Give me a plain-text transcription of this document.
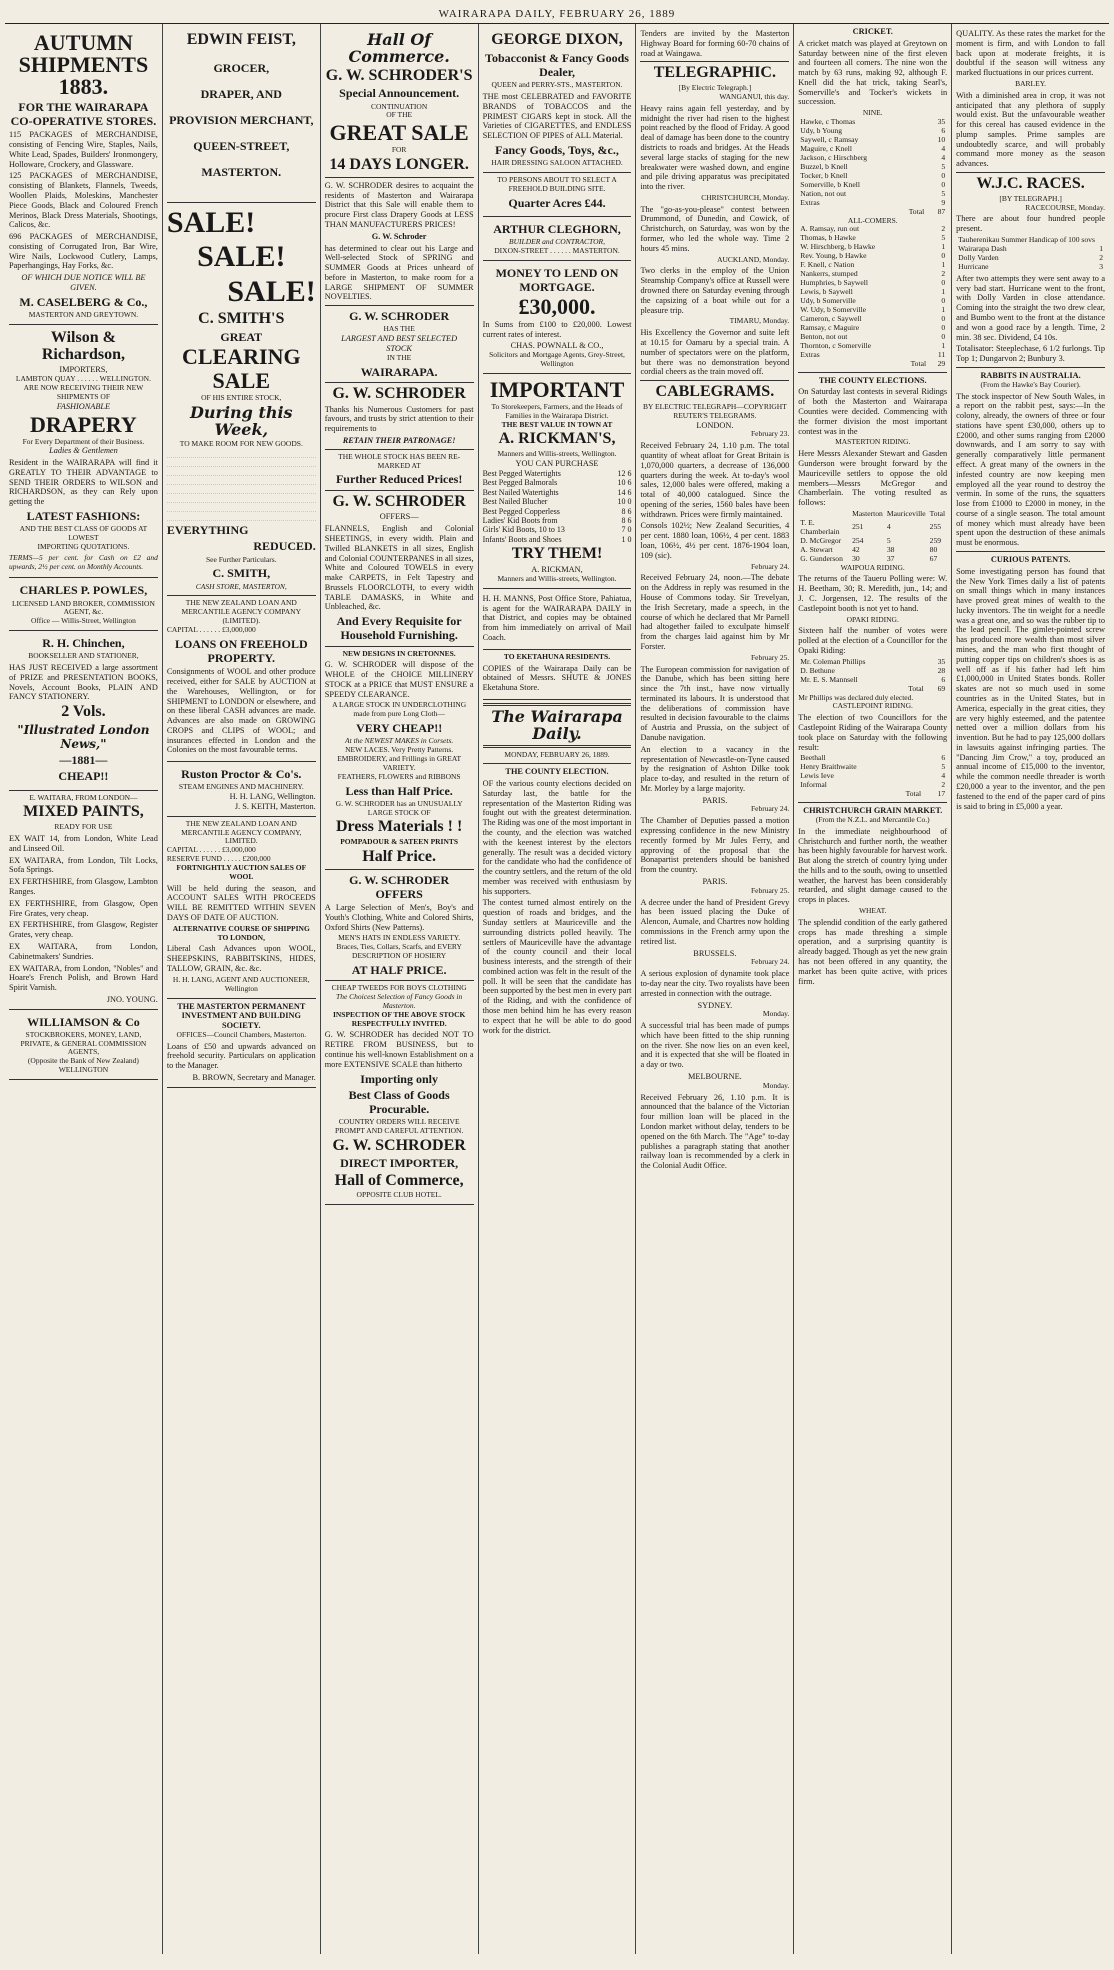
WAIRARAPA DAILY, FEBRUARY 26, 1889
AUTUMN SHIPMENTS 1883.
FOR THE WAIRARAPA CO-OPERATIVE STORES.

115 PACKAGES of MERCHANDISE, consisting of Fencing Wire, Staples, Nails, White Lead, Spades, Builders' Ironmongery, Holloware, Crockery, and Glassware.

125 PACKAGES of MERCHANDISE, consisting of Blankets, Flannels, Tweeds, Woollen Plaids, Moleskins, Manchester Piece Goods, Black and Coloured French Merinos, Black Dress Materials, Shootings, Calicos, &c.

696 PACKAGES of MERCHANDISE, consisting of Corrugated Iron, Bar Wire, Wire Nails, Lockwood Cutlery, Lamps, Paperhangings, Hay Forks, &c.

OF WHICH DUE NOTICE WILL BE GIVEN.
M. CASELBERG & Co.,
MASTERTON AND GREYTOWN.
Wilson & Richardson,
IMPORTERS,
LAMBTON QUAY . . . . . . WELLINGTON.
ARE NOW RECEIVING THEIR NEW SHIPMENTS OF
FASHIONABLE
DRAPERY
For Every Department of their Business.
Ladies & Gentlemen

Resident in the WAIRARAPA will find it GREATLY TO THEIR ADVANTAGE to SEND THEIR ORDERS to WILSON and RICHARDSON, as they can Rely upon getting the

LATEST FASHIONS:
AND THE BEST CLASS OF GOODS AT LOWEST
IMPORTING QUOTATIONS.

TERMS—5 per cent. for Cash on £2 and upwards, 2½ per cent. on Monthly Accounts.

CHARLES P. POWLES,
LICENSED LAND BROKER, COMMISSION AGENT, &c.
Office — Willis-Street, Wellington
R. H. Chinchen,
BOOKSELLER AND STATIONER,

HAS JUST RECEIVED a large assortment of PRIZE and PRESENTATION BOOKS, Novels, Account Books, PLAIN AND FANCY STATIONERY.

2 Vols.
"Illustrated London News,"
—1881—
CHEAP!!
E. WAITARA, FROM LONDON—
MIXED PAINTS,
READY FOR USE

EX WAIT 14, from London, White Lead and Linseed Oil.

EX WAITARA, from London, Tilt Locks, Sofa Springs.

EX FERTHSHIRE, from Glasgow, Lambton Ranges.

EX FERTHSHIRE, from Glasgow, Open Fire Grates, very cheap.

EX FERTHSHIRE, from Glasgow, Register Grates, very cheap.

EX WAITARA, from London, Cabinetmakers' Sundries.

EX WAITARA, from London, "Nobles" and Hoare's French Polish, and Brown Hard Spirit Varnish.

JNO. YOUNG.
WILLIAMSON & Co
STOCKBROKERS, MONEY, LAND, PRIVATE, & GENERAL COMMISSION AGENTS,
(Opposite the Bank of New Zealand) WELLINGTON
EDWIN FEIST,
GROCER,
DRAPER, AND
PROVISION MERCHANT,
QUEEN-STREET,
MASTERTON.
SALE!
SALE!
SALE!
C. SMITH'S
GREAT
CLEARING
SALE
OF HIS ENTIRE STOCK,
During this Week,
TO MAKE ROOM FOR NEW GOODS.
EVERYTHING
REDUCED.
See Further Particulars.
C. SMITH,
CASH STORE, MASTERTON,
THE NEW ZEALAND LOAN AND MERCANTILE AGENCY COMPANY (LIMITED).
CAPITAL . . . . . . £3,000,000
LOANS ON FREEHOLD PROPERTY.

Consignments of WOOL and other produce received, either for SALE by AUCTION at the Warehouses, Wellington, or for SHIPMENT to LONDON or elsewhere, and on these liberal CASH advances are made. Advances are also made on GROWING CROPS and CLIPS of WOOL; and insurances effected in London and the Colonies on the most favourable terms.

Ruston Proctor & Co's.
STEAM ENGINES AND MACHINERY.
H. H. LANG, Wellington.
J. S. KEITH, Masterton.
THE NEW ZEALAND LOAN AND MERCANTILE AGENCY COMPANY, LIMITED.
CAPITAL . . . . . . £3,000,000
RESERVE FUND . . . . . £200,000
FORTNIGHTLY AUCTION SALES OF WOOL

Will be held during the season, and ACCOUNT SALES WITH PROCEEDS WILL BE REMITTED WITHIN SEVEN DAYS OF DATE OF AUCTION.

ALTERNATIVE COURSE OF SHIPPING TO LONDON,

Liberal Cash Advances upon WOOL, SHEEPSKINS, RABBITSKINS, HIDES, TALLOW, GRAIN, &c. &c.

H. H. LANG, AGENT AND AUCTIONEER, Wellington
THE MASTERTON PERMANENT INVESTMENT AND BUILDING SOCIETY.
OFFICES—Council Chambers, Masterton.

Loans of £50 and upwards advanced on freehold security. Particulars on application to the Manager.

B. BROWN, Secretary and Manager.
Hall Of Commerce.
G. W. SCHRODER'S
Special Announcement.
CONTINUATION
OF THE
GREAT SALE
FOR
14 DAYS LONGER.

G. W. SCHRODER desires to acquaint the residents of Masterton and Wairarapa District that this Sale will enable them to procure First class Drapery Goods at LESS THAN MANUFACTURERS PRICES!

G. W. Schroder

has determined to clear out his Large and Well-selected Stock of SPRING and SUMMER Goods at Prices unheard of before in Masterton, to make room for a LARGE SHIPMENT OF SUMMER NOVELTIES.

G. W. SCHRODER
HAS THE
LARGEST AND BEST SELECTED
STOCK
IN THE
WAIRARAPA.
G. W. SCHRODER

Thanks his Numerous Customers for past favours, and trusts by strict attention to their requirements to

RETAIN THEIR PATRONAGE!
THE WHOLE STOCK HAS BEEN RE-MARKED AT
Further Reduced Prices!
G. W. SCHRODER
OFFERS—

FLANNELS, English and Colonial SHEETINGS, in every width. Plain and Twilled BLANKETS in all sizes, English and Colonial COUNTERPANES in all sizes, White and Coloured TOWELS in every make CARPETS, in Felt Tapestry and Brussels FLOORCLOTH, to every width TABLE DAMASKS, in White and Unbleached, &c.

And Every Requisite for Household Furnishing.
NEW DESIGNS IN CRETONNES.

G. W. SCHRODER will dispose of the WHOLE of the CHOICE MILLINERY STOCK at a PRICE that MUST ENSURE a SPEEDY CLEARANCE.

A LARGE STOCK IN UNDERCLOTHING made from pure Long Cloth—
VERY CHEAP!!
At the NEWEST MAKES in Corsets.
NEW LACES. Very Pretty Patterns.
EMBROIDERY, and Frillings in GREAT VARIETY.
FEATHERS, FLOWERS and RIBBONS
Less than Half Price.
G. W. SCHRODER has an UNUSUALLY LARGE STOCK OF
Dress Materials ! !
POMPADOUR & SATEEN PRINTS
Half Price.
G. W. SCHRODER OFFERS

A Large Selection of Men's, Boy's and Youth's Clothing, White and Colored Shirts, Oxford Shirts (New Patterns).

MEN'S HATS IN ENDLESS VARIETY.
Braces, Ties, Collars, Scarfs, and EVERY DESCRIPTION OF HOSIERY
AT HALF PRICE.
CHEAP TWEEDS FOR BOYS CLOTHING
The Choicest Selection of Fancy Goods in Masterton.
INSPECTION OF THE ABOVE STOCK RESPECTFULLY INVITED.

G. W. SCHRODER has decided NOT TO RETIRE FROM BUSINESS, but to continue his well-known Establishment on a more EXTENSIVE SCALE than hitherto

Importing only
Best Class of Goods Procurable.
COUNTRY ORDERS WILL RECEIVE PROMPT AND CAREFUL ATTENTION.
G. W. SCHRODER
DIRECT IMPORTER,
Hall of Commerce,
OPPOSITE CLUB HOTEL.
GEORGE DIXON,
Tobacconist & Fancy Goods Dealer,
QUEEN and PERRY-STS., MASTERTON.

THE most CELEBRATED and FAVORITE BRANDS of TOBACCOS and the PRIMEST CIGARS kept in stock. All the Varieties of CIGARETTES, and ENDLESS SELECTION OF PIPES of ALL Material.

Fancy Goods, Toys, &c.,
HAIR DRESSING SALOON ATTACHED.
TO PERSONS ABOUT TO SELECT A FREEHOLD BUILDING SITE.
Quarter Acres £44.
ARTHUR CLEGHORN,
BUILDER and CONTRACTOR,
DIXON-STREET . . . . . . MASTERTON.
MONEY TO LEND ON MORTGAGE.
£30,000.

In Sums from £100 to £20,000. Lowest current rates of interest.

CHAS. POWNALL & CO.,
Solicitors and Mortgage Agents, Grey-Street, Wellington
IMPORTANT
To Storekeepers, Farmers, and the Heads of Families in the Wairarapa District.
THE BEST VALUE IN TOWN AT
A. RICKMAN'S,
Manners and Willis-streets, Wellington.
YOU CAN PURCHASE
Best Pegged Watertights	12 6
Best Pegged Balmorals	10 6
Best Nailed Watertights	14 6
Best Nailed Blucher	10 0
Best Pegged Copperless	8 6
Ladies' Kid Boots from	8 6
Girls' Kid Boots, 10 to 13	7 0
Infants' Boots and Shoes	1 0
TRY THEM!
A. RICKMAN,
Manners and Willis-streets, Wellington.

H. H. MANNS, Post Office Store, Pahiatua, is agent for the WAIRARAPA DAILY in that District, and copies may be obtained from him immediately on arrival of Mail Coach.

TO EKETAHUNA RESIDENTS.

COPIES of the Wairarapa Daily can be obtained of Messrs. SHUTE & JONES Eketahuna Store.

The Wairarapa Daily.
MONDAY, FEBRUARY 26, 1889.
THE COUNTY ELECTION.

OF the various county elections decided on Saturday last, the battle for the representation of the Masterton Riding was fought out with the greatest determination. The Riding was one of the most important in the county, and the election was watched with the keenest interest by the electors generally. The result was a decided victory for the candidate who had the confidence of the country settlers, and the return of the old member was received with enthusiasm by his supporters.

The contest turned almost entirely on the question of roads and bridges, and the Sunday settlers at Mauriceville and the surrounding districts polled heavily. The settlers of Mauriceville have the advantage of the county council and their local business interests, and the strength of their combined action was felt in the result of the poll. It will be seen that the candidate has been supported by the best men in every part of the Riding, and with the confidence of those men behind him he has every reason to expect that he will be able to do good work for the district.

Tenders are invited by the Masterton Highway Board for forming 60-70 chains of road at Waingawa.

TELEGRAPHIC.
[By Electric Telegraph.]
WANGANUI, this day.

Heavy rains again fell yesterday, and by midnight the river had risen to the highest point reached by the flood of Friday. A good deal of damage has been done to the country districts to roads and bridges. At the Heads several large stacks of staging for the new breakwater were washed down, and engine and pile driving apparatus was precipitated into the river.

CHRISTCHURCH, Monday.

The "go-as-you-please" contest between Drummond, of Dunedin, and Cowick, of Christchurch, on Saturday, was won by the former, who led the whole way. Time 2 hours 45 mins.

AUCKLAND, Monday.

Two clerks in the employ of the Union Steamship Company's office at Russell were drowned there on Saturday evening through the capsizing of a boat while out for a pleasure trip.

TIMARU, Monday.

His Excellency the Governor and suite left at 10.15 for Oamaru by a special train. A number of spectators were on the platform, but there was no demonstration beyond cordial cheers as the train moved off.

CABLEGRAMS.
BY ELECTRIC TELEGRAPH—COPYRIGHT
REUTER'S TELEGRAMS.
LONDON.
February 23.

Received February 24, 1.10 p.m. The total quantity of wheat afloat for Great Britain is 1,070,000 quarters, a decrease of 136,000 quarters during the week. At to-day's wool sales, 12,000 bales were offered, making a total of 40,000 catalogued. Since the opening of the series, 1560 bales have been withdrawn. Prices were firmly maintained.

Consols 102½; New Zealand Securities, 4 per cent. 1880 loan, 106½, 4 per cent. 1883 loan, 106½, 4½ per cent. 1876-1904 loan, 109 (sic).

February 24.

Received February 24, noon.—The debate on the Address in reply was resumed in the House of Commons today. Sir Trevelyan, the Irish Secretary, made a speech, in the course of which he declared that Mr Parnell had altogether failed to exculpate himself from the charges laid against him by Mr Forster.

February 25.

The European commission for navigation of the Danube, which has been sitting here since the 7th inst., have now virtually terminated its labours. It is understood that the deliberations of commission have resulted in decision favourable to the claims of Austria and Prussia, on the subject of Danube navigation.

An election to a vacancy in the representation of Newcastle-on-Tyne caused by the resignation of Ashton Dilke took place to-day, and resulted in the return of Mr. Morley by a large majority.

PARIS.
February 24.

The Chamber of Deputies passed a motion expressing confidence in the new Ministry recently formed by Mr Jules Ferry, and approving of the proposal that the Bonapartist pretenders should be banished from the country.

PARIS.
February 25.

A decree under the hand of President Grevy has been issued placing the Duke of Alencon, Aumale, and Chartres now holding commissions in the French army upon the retired list.

BRUSSELS.
February 24.

A serious explosion of dynamite took place to-day near the city. Two royalists have been arrested in connection with the outrage.

SYDNEY.
Monday.

A successful trial has been made of pumps which have been fitted to the ship running on the river. She now lies on an even keel, and it is expected that she will be floated in a day or two.

MELBOURNE.
Monday.

Received February 26, 1.10 p.m. It is announced that the balance of the Victorian four million loan will be placed in the London market without delay, tenders to be opened on the 6th March. The "Age" to-day publishes a paragraph stating that another railway loan is recommended by a clerk in the Colonial Audit Office.

CRICKET.

A cricket match was played at Greytown on Saturday between nine of the first eleven and fourteen all comers. The nine won the match by 63 runs, making 92, although F. Knell did the hat trick, taking Searl's, Somerville's and Tocker's wickets in succession.

NINE.
Hawke, c Thomas	35
Udy, b Young	6
Saywell, c Ramsay	10
Maguire, c Knell	4
Jackson, c Hirschberg	4
Buzzel, b Knell	5
Tocker, b Knell	0
Somerville, b Knell	0
Nation, not out	5
Extras	9
Total	87
ALL-COMERS.
A. Ramsay, run out	2
Thomas, b Hawke	5
W. Hirschberg, b Hawke	1
Rev. Young, b Hawke	0
F. Knell, c Nation	1
Nankerrs, stumped	2
Humphries, b Saywell	0
Lewis, b Saywell	1
Udy, b Somerville	0
W. Udy, b Somerville	1
Cameron, c Saywell	0
Ramsay, c Maguire	0
Benton, not out	0
Thornton, c Somerville	1
Extras	11
Total	29
THE COUNTY ELECTIONS.

On Saturday last contests in several Ridings of both the Masterton and Wairarapa Counties were decided. Commencing with the former division the most important contest was in the

MASTERTON RIDING.

Here Messrs Alexander Stewart and Gasden Gunderson were brought forward by the Mauriceville settlers to oppose the old members—Messrs McGregor and Chamberlain. The voting resulted as follows:

	Masterton	Mauriceville	Total
T. E. Chamberlain	251	4	255
D. McGregor	254	5	259
A. Stewart	42	38	80
G. Gunderson	30	37	67
WAIPOUA RIDING.

The returns of the Taueru Polling were: W. H. Beetham, 30; R. Meredith, jun., 14; and J. C. Jorgensen, 12. The results of the Castlepoint booth is not yet to hand.

OPAKI RIDING.

Sixteen half the number of votes were polled at the election of a Councillor for the Opaki Riding:

Mr. Coleman Phillips	35
D. Bethune	28
Mr. E. S. Mannsell	6
Total	69
Mr Phillips was declared duly elected.
CASTLEPOINT RIDING.

The election of two Councillors for the Castlepoint Riding of the Wairarapa County took place on Saturday with the following result:

Beethall	6
Henry Braithwaite	5
Lewis Ieve	4
Informal	2
Total	17
CHRISTCHURCH GRAIN MARKET.
(From the N.Z.L. and Mercantile Co.)

In the immediate neighbourhood of Christchurch and further north, the weather has been highly favourable for harvest work. But along the stretch of country lying under the hills and to the south, owing to unsettled weather, the harvest has been considerably retarded, and slight damage caused to the crops in places.

WHEAT.

The splendid condition of the early gathered crops has made threshing a simple operation, and a surprising quantity is already bagged. Though as yet the new grain has not been offered in any quantity, the market has been quite active, with prices firm.

QUALITY. As these rates the market for the moment is firm, and with London to fall back upon at moderate freights, it is doubtful if the season will witness any marked fluctuations in our prices current.

BARLEY.

With a diminished area in crop, it was not anticipated that any plethora of supply would exist. But the unfavourable weather for this cereal has caused evidence in the plump samples. Prime samples are undoubtedly scarce, and will probably command more money as the season advances.

W.J.C. RACES.
[BY TELEGRAPH.]
RACECOURSE, Monday.

There are about four hundred people present.

Tauherenikau Summer Handicap of 100 sovs	
Wairarapa Dash	1
Dolly Varden	2
Hurricane	3

After two attempts they were sent away to a very bad start. Hurricane went to the front, with Dolly Varden in close attendance. Coming into the straight the two drew clear, and Bumbo went to the front at the distance and won a good race by a length. Time, 2 min. 38 sec. Dividend, £4 10s.

Totalisator: Steeplechase, 6 1/2 furlongs. Tip Top 1; Dungarvon 2; Bunbury 3.

RABBITS IN AUSTRALIA.
(From the Hawke's Bay Courier).

The stock inspector of New South Wales, in a report on the rabbit pest, says:—In the colony, already, the owners of three or four stations have spent £30,000, others up to £2000, and other sums ranging from £2000 downwards, and I am sorry to say with generally comparatively little permanent effect. A great many of the owners in the infested country are now keeping men employed all the year round to destroy the vermin. In some of the runs, the squatters lose from £1000 to £2000 in money, in the course of a single season. The total amount of money which must already have been spent upon the destruction of these animals must be enormous.

CURIOUS PATENTS.

Some investigating person has found that the New York Times daily a list of patents on small things which in many instances have proved great mines of wealth to the lucky inventors. The tin weight for a needle was a great one, and so was the rubber tip to the lead pencil. The gimlet-pointed screw has produced more wealth than most silver mines, and the man who first thought of putting copper tips on children's shoes is as well off as if his father had left him £1,000,000 in United States bonds. Roller skates are not so much used in some countries as in the United States, but in America, especially in the great cities, they are very highly esteemed, and the patentee netted over a million dollars from his invention. But he had to pay 125,000 dollars in lawsuits against infringing parties. The "Dancing Jim Crow," a toy, produced an annual income of £15,000 to the inventor, while the common needle threader is worth £20,000 a year to the inventor, and the pen fastened to the end of the paper card of pins is said to bring in £5,000 a year.
